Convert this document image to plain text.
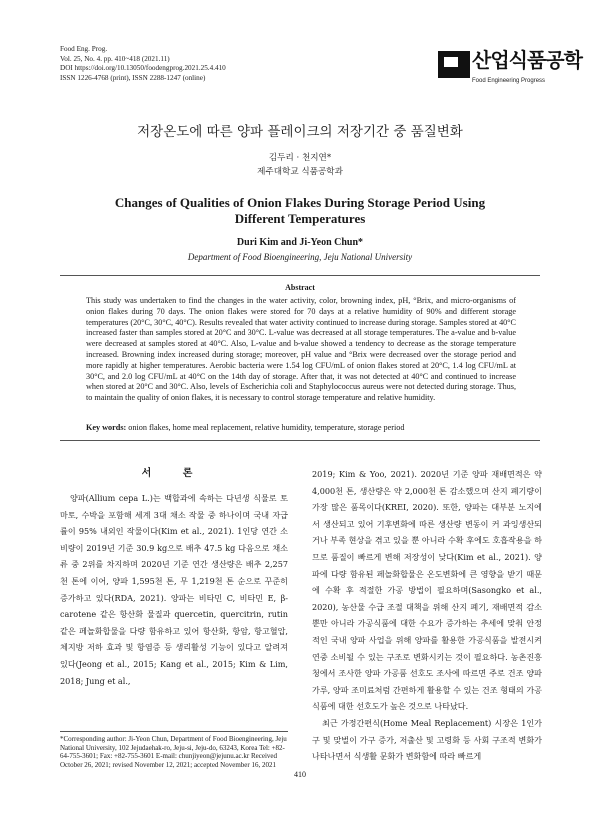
Food Eng. Prog.
Vol. 25, No. 4. pp. 410~418 (2021.11)
DOI https://doi.org/10.13050/foodengprog.2021.25.4.410
ISSN 1226-4768 (print), ISSN 2288-1247 (online)
산업식품공학
Food Engineering Progress
저장온도에 따른 양파 플레이크의 저장기간 중 품질변화
김두리 · 천지연*
제주대학교 식품공학과
Changes of Qualities of Onion Flakes During Storage Period Using
Different Temperatures
Duri Kim and Ji-Yeon Chun*
Department of Food Bioengineering, Jeju National University
Abstract
This study was undertaken to find the changes in the water activity, color, browning index, pH, °Brix, and micro-organisms of onion flakes during 70 days. The onion flakes were stored for 70 days at a relative humidity of 90% and different storage temperatures (20°C, 30°C, 40°C). Results revealed that water activity continued to increase during storage. Samples stored at 40°C increased faster than samples stored at 20°C and 30°C. L-value was decreased at all storage temperatures. The a-value and b-value were decreased at samples stored at 40°C. Also, L-value and b-value showed a tendency to decrease as the storage temperature increased. Browning index increased during storage; moreover, pH value and °Brix were decreased over the storage period and more rapidly at higher temperatures. Aerobic bacteria were 1.54 log CFU/mL of onion flakes stored at 20°C, 1.4 log CFU/mL at 30°C, and 2.0 log CFU/mL at 40°C on the 14th day of storage. After that, it was not detected at 40°C and continued to increase when stored at 20°C and 30°C. Also, levels of Escherichia coli and Staphylococcus aureus were not detected during storage. Thus, to maintain the quality of onion flakes, it is necessary to control storage temperature and relative humidity.
Key words: onion flakes, home meal replacement, relative humidity, temperature, storage period
서 론

양파(Allium cepa L.)는 백합과에 속하는 다년생 식물로 토마토, 수박을 포함해 세계 3대 채소 작물 중 하나이며 국내 자급률이 95% 내외인 작물이다(Kim et al., 2021). 1인당 연간 소비량이 2019년 기준 30.9 kg으로 배추 47.5 kg 다음으로 채소류 중 2위를 차지하며 2020년 기준 연간 생산량은 배추 2,257천 톤에 이어, 양파 1,595천 톤, 무 1,219천 톤 순으로 꾸준히 증가하고 있다(RDA, 2021). 양파는 비타민 C, 비타민 E, β-carotene 같은 항산화 물질과 quercetin, quercitrin, rutin 같은 페놀화합물을 다량 함유하고 있어 항산화, 항암, 항고혈압, 체지방 저하 효과 및 항염증 등 생리활성 기능이 있다고 알려져 있다(Jeong et al., 2015; Kang et al., 2015; Kim & Lim, 2018; Jung et al.,

2019; Kim & Yoo, 2021). 2020년 기준 양파 재배면적은 약 4,000천 톤, 생산량은 약 2,000천 톤 감소했으며 산지 폐기량이 가장 많은 품목이다(KREI, 2020). 또한, 양파는 대부분 노지에서 생산되고 있어 기후변화에 따른 생산량 변동이 커 과잉생산되거나 부족 현상을 겪고 있을 뿐 아니라 수확 후에도 호흡작용을 하므로 품질이 빠르게 변해 저장성이 낮다(Kim et al., 2021). 양파에 다량 함유된 페놀화합물은 온도변화에 큰 영향을 받기 때문에 수확 후 적절한 가공 방법이 필요하며(Sasongko et al., 2020), 농산물 수급 조절 대책을 위해 산지 폐기, 재배면적 감소뿐만 아니라 가공식품에 대한 수요가 증가하는 추세에 맞춰 안정적인 국내 양파 사업을 위해 양파를 활용한 가공식품을 발전시켜 연중 소비될 수 있는 구조로 변화시키는 것이 필요하다. 농촌진흥청에서 조사한 양파 가공품 선호도 조사에 따르면 주로 건조 양파 가루, 양파 조미료처럼 간편하게 활용할 수 있는 건조 형태의 가공식품에 대한 선호도가 높은 것으로 나타났다.

최근 가정간편식(Home Meal Replacement) 시장은 1인가구 및 맞벌이 가구 증가, 저출산 및 고령화 등 사회 구조적 변화가 나타나면서 식생활 문화가 변화함에 따라 빠르게

*Corresponding author: Ji-Yeon Chun, Department of Food Bioengineering, Jeju National University, 102 Jejudaehak-ro, Jeju-si, Jeju-do, 63243, Korea Tel: +82-64-755-3601; Fax: +82-755-3601 E-mail: chunjiyeon@jejunu.ac.kr Received October 26, 2021; revised November 12, 2021; accepted November 16, 2021
410
